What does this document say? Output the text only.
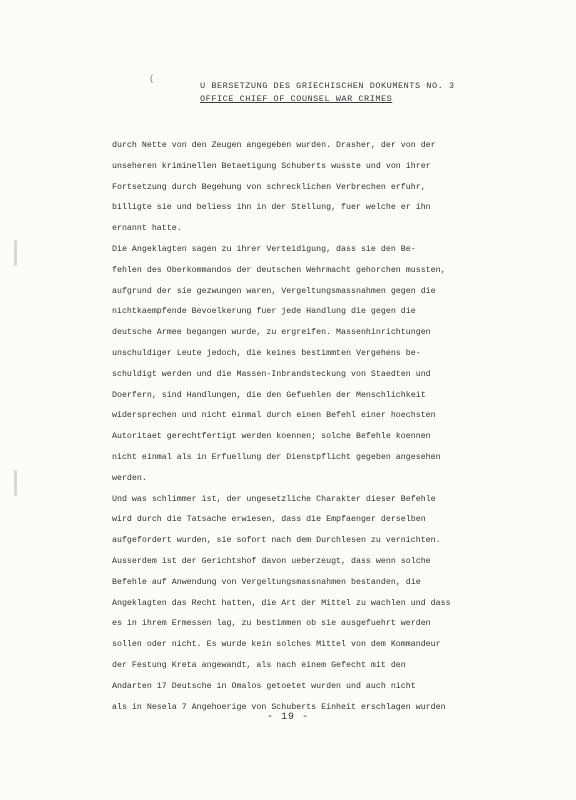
(
U BERSETZUNG DES GRIECHISCHEN DOKUMENTS NO. 3
OFFICE CHIEF OF COUNSEL WAR CRIMES
durch Nette von den Zeugen angegeben wurden. Drasher, der von der
unseheren kriminellen Betaetigung Schuberts wusste und von ihrer
Fortsetzung durch Begehung von schrecklichen Verbrechen erfuhr,
billigte sie und beliess ihn in der Stellung, fuer welche er ihn
ernannt hatte.
Die Angeklagten sagen zu ihrer Verteidigung, dass sie den Be-
fehlen des Oberkommandos der deutschen Wehrmacht gehorchen mussten,
aufgrund der sie gezwungen waren, Vergeltungsmassnahmen gegen die
nichtkaempfende Bevoelkerung fuer jede Handlung die gegen die
deutsche Armee begangen wurde, zu ergreifen. Massenhinrichtungen
unschuldiger Leute jedoch, die keines bestimmten Vergehens be-
schuldigt werden und die Massen-Inbrandsteckung von Staedten und
Doerfern, sind Handlungen, die den Gefuehlen der Menschlichkeit
widersprechen und nicht einmal durch einen Befehl einer hoechsten
Autoritaet gerechtfertigt werden koennen; solche Befehle koennen
nicht einmal als in Erfuellung der Dienstpflicht gegeben angesehen
werden.
Und was schlimmer ist, der ungesetzliche Charakter dieser Befehle
wird durch die Tatsache erwiesen, dass die Empfaenger derselben
aufgefordert wurden, sie sofort nach dem Durchlesen zu vernichten.
Ausserdem ist der Gerichtshof davon ueberzeugt, dass wenn solche
Befehle auf Anwendung von Vergeltungsmassnahmen bestanden, die
Angeklagten das Recht hatten, die Art der Mittel zu wachlen und dass
es in ihrem Ermessen lag, zu bestimmen ob sie ausgefuehrt werden
sollen oder nicht. Es wurde kein solches Mittel von dem Kommandeur
der Festung Kreta angewandt, als nach einem Gefecht mit den
Andarten 17 Deutsche in Omalos getoetet wurden und auch nicht
als in Nesela 7 Angehoerige von Schuberts Einheit erschlagen wurden
- 19 -
